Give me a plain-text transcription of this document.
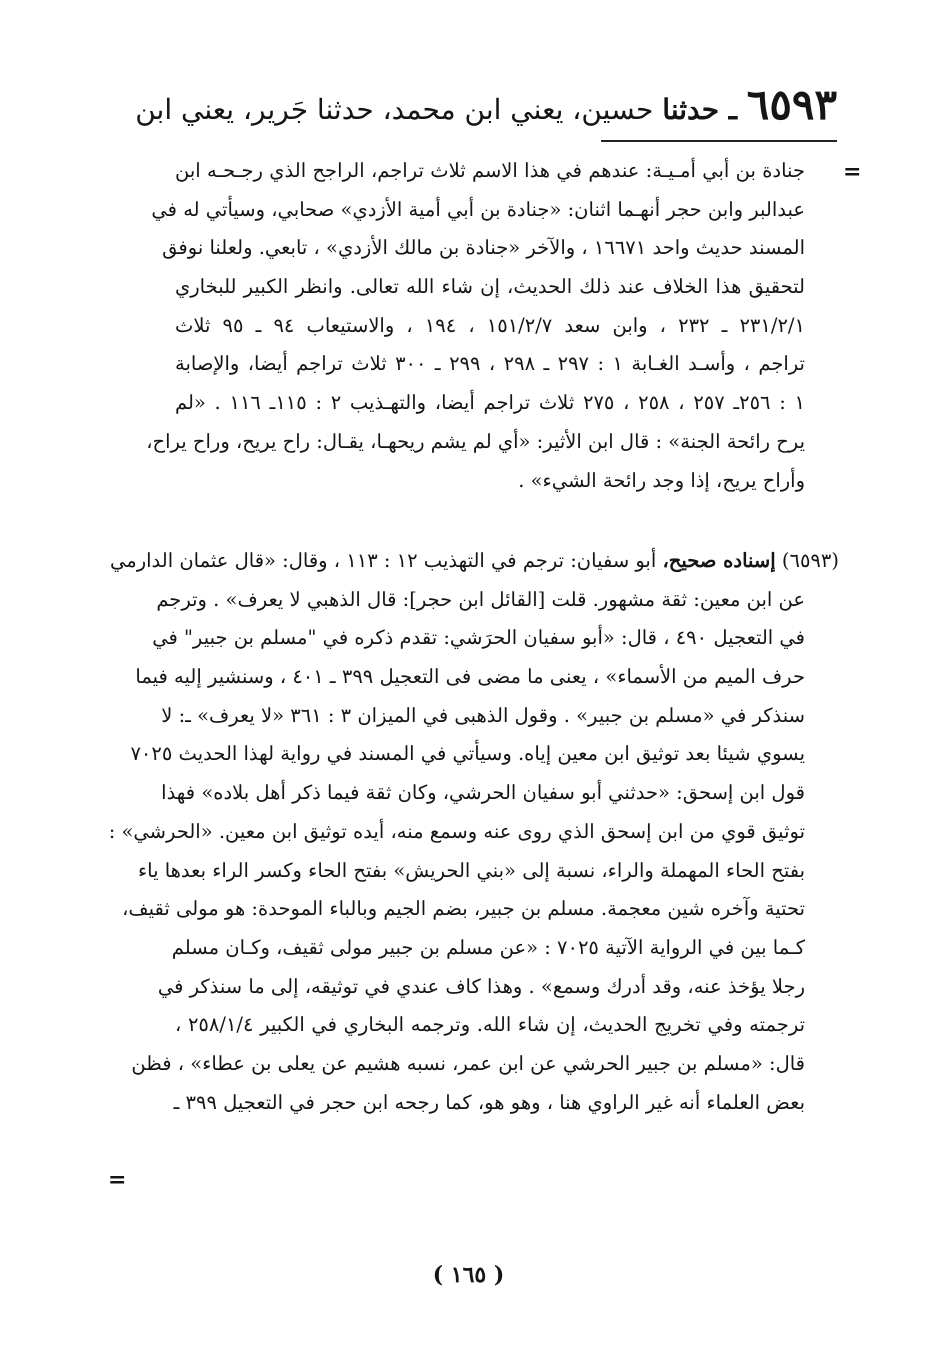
٦٥٩٣ ـ حدثنا حسين، يعني ابن محمد، حدثنا جَرير، يعني ابن
=
جنادة بن أبي أمـيـة: عندهم في هذا الاسم ثلاث تراجم، الراجح الذي رجـحـه ابن
عبدالبر وابن حجر أنهـما اثنان: «جنادة بن أبي أمية الأزدي» صحابي، وسيأتي له في
المسند حديث واحد ١٦٦٧١ ، والآخر «جنادة بن مالك الأزدي» ، تابعي. ولعلنا نوفق
لتحقيق هذا الخلاف عند ذلك الحديث، إن شاء الله تعالى. وانظر الكبير للبخاري
٢٣١/٢/١ ـ ٢٣٢ ، وابن سعد ١٥١/٢/٧ ، ١٩٤ ، والاستيعاب ٩٤ ـ ٩٥ ثلاث
تراجم ، وأسـد الغـابة ١ : ٢٩٧ ـ ٢٩٨ ، ٢٩٩ ـ ٣٠٠ ثلاث تراجم أيضا، والإصابة
١ : ٢٥٦ـ ٢٥٧ ، ٢٥٨ ، ٢٧٥ ثلاث تراجم أيضا، والتهـذيب ٢ : ١١٥ـ ١١٦ . «لم
يرح رائحة الجنة» : قال ابن الأثير: «أي لم يشم ريحهـا، يقـال: راح يريح، وراح يراح،
وأراح يريح، إذا وجد رائحة الشيء» .
(٦٥٩٣) إسناده صحيح، أبو سفيان: ترجم في التهذيب ١٢ : ١١٣ ، وقال: «قال عثمان الدارمي
عن ابن معين: ثقة مشهور. قلت [القائل ابن حجر]: قال الذهبي لا يعرف» . وترجم
في التعجيل ٤٩٠ ، قال: «أبو سفيان الحرَشي: تقدم ذكره في "مسلم بن جبير" في
حرف الميم من الأسماء» ، يعنى ما مضى فى التعجيل ٣٩٩ ـ ٤٠١ ، وسنشير إليه فيما
سنذكر في «مسلم بن جبير» . وقول الذهبى في الميزان ٣ : ٣٦١ «لا يعرف» ـ: لا
يسوي شيئا بعد توثيق ابن معين إياه. وسيأتي في المسند في رواية لهذا الحديث ٧٠٢٥
قول ابن إسحق: «حدثني أبو سفيان الحرشي، وكان ثقة فيما ذكر أهل بلاده» فهذا
توثيق قوي من ابن إسحق الذي روى عنه وسمع منه، أيده توثيق ابن معين. «الحرشي» :
بفتح الحاء المهملة والراء، نسبة إلى «بني الحريش» بفتح الحاء وكسر الراء بعدها ياء
تحتية وآخره شين معجمة. مسلم بن جبير، بضم الجيم وبالباء الموحدة: هو مولى ثقيف،
كـما بين في الرواية الآتية ٧٠٢٥ : «عن مسلم بن جبير مولى ثقيف، وكـان مسلم
رجلا يؤخذ عنه، وقد أدرك وسمع» . وهذا كاف عندي في توثيقه، إلى ما سنذكر في
ترجمته وفي تخريج الحديث، إن شاء الله. وترجمه البخاري في الكبير ٢٥٨/١/٤ ،
قال: «مسلم بن جبير الحرشي عن ابن عمر، نسبه هشيم عن يعلى بن عطاء» ، فظن
بعض العلماء أنه غير الراوي هنا ، وهو هو، كما رجحه ابن حجر في التعجيل ٣٩٩ ـ
=
( ١٦٥ )
